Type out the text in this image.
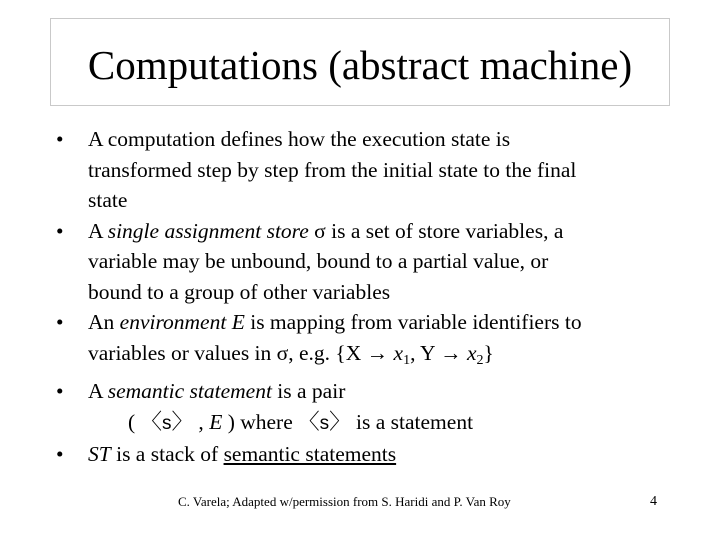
Computations (abstract machine)
• A computation defines how the execution state is
transformed step by step from the initial state to the final
state
• A single assignment store σ is a set of store variables, a
variable may be unbound, bound to a partial value, or
bound to a group of other variables
• An environment E is mapping from variable identifiers to
variables or values in σ, e.g. {$X \to x_1$, $Y \to x_2$}
• A semantic statement is a pair
( 〈s〉 , E ) where 〈s〉 is a statement
• ST is a stack of semantic statements
C. Varela; Adapted w/permission from S. Haridi and P. Van Roy	4
